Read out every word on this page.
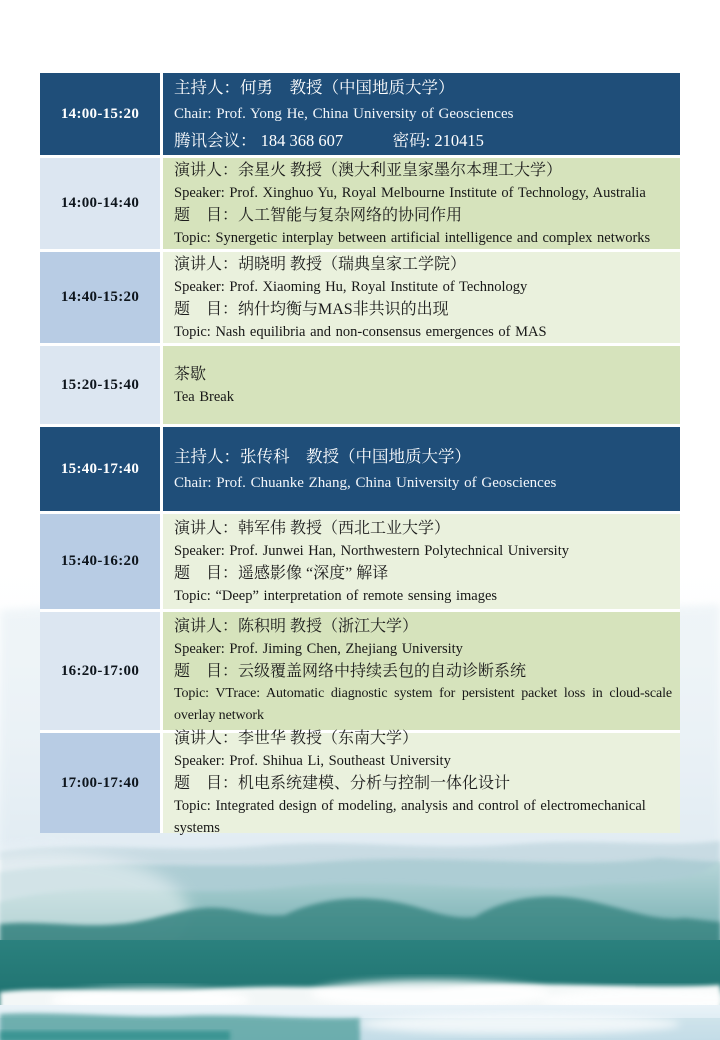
14:00-15:20
主持人：何勇　教授（中国地质大学）
Chair: Prof. Yong He, China University of Geosciences
腾讯会议： 184 368 607　　　密码: 210415
14:00-14:40
演讲人：余星火 教授（澳大利亚皇家墨尔本理工大学）
Speaker: Prof. Xinghuo Yu, Royal Melbourne Institute of Technology, Australia
题　目：人工智能与复杂网络的协同作用
Topic: Synergetic interplay between artificial intelligence and complex networks
14:40-15:20
演讲人：胡晓明 教授（瑞典皇家工学院）
Speaker: Prof. Xiaoming Hu, Royal Institute of Technology
题　目：纳什均衡与MAS非共识的出现
Topic: Nash equilibria and non-consensus emergences of MAS
15:20-15:40
茶歇
Tea Break
15:40-17:40
主持人：张传科　教授（中国地质大学）
Chair: Prof. Chuanke Zhang, China University of Geosciences
15:40-16:20
演讲人：韩军伟 教授（西北工业大学）
Speaker: Prof. Junwei Han, Northwestern Polytechnical University
题　目：遥感影像 “深度” 解译
Topic: “Deep” interpretation of remote sensing images
16:20-17:00
演讲人：陈积明 教授（浙江大学）
Speaker: Prof. Jiming Chen, Zhejiang University
题　目：云级覆盖网络中持续丢包的自动诊断系统
Topic: VTrace: Automatic diagnostic system for persistent packet loss in cloud-scale overlay network
17:00-17:40
演讲人：李世华 教授（东南大学）
Speaker: Prof. Shihua Li, Southeast University
题　目：机电系统建模、分析与控制一体化设计
Topic: Integrated design of modeling, analysis and control of electromechanical systems
